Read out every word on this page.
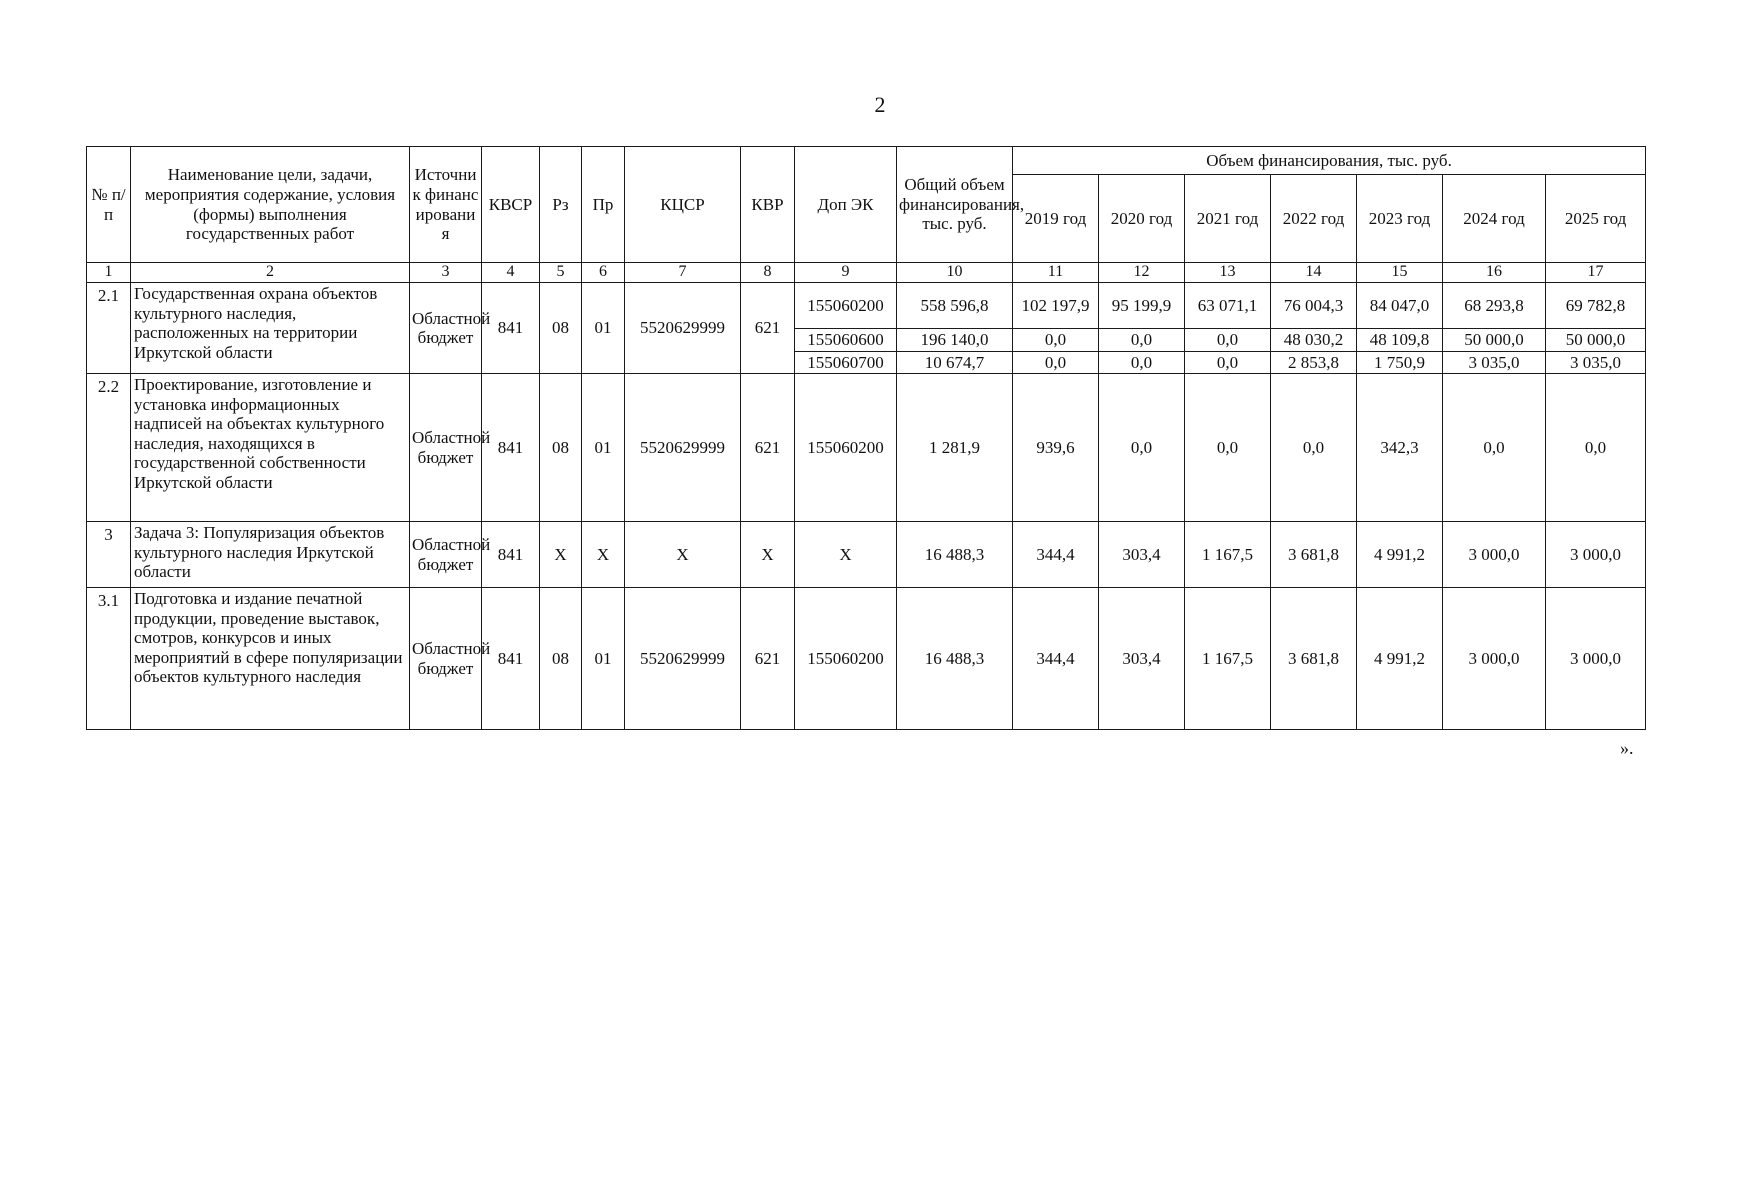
2
№ п/п	Наименование цели, задачи, мероприятия содержание, условия (формы) выполнения государственных работ	Источник финансирования	КВСР	Рз	Пр	КЦСР	КВР	Доп ЭК	Общий объем финансирования, тыс. руб.	Объем финансирования, тыс. руб.						
										2019 год	2020 год	2021 год	2022 год	2023 год	2024 год	2025 год
1	2	3	4	5	6	7	8	9	10	11	12	13	14	15	16	17
2.1	Государственная охрана объектов культурного наследия, расположенных на территории Иркутской области	Областной бюджет	841	08	01	5520629999	621	155060200	558 596,8	102 197,9	95 199,9	63 071,1	76 004,3	84 047,0	68 293,8	69 782,8
								155060600	196 140,0	0,0	0,0	0,0	48 030,2	48 109,8	50 000,0	50 000,0
								155060700	10 674,7	0,0	0,0	0,0	2 853,8	1 750,9	3 035,0	3 035,0
2.2	Проектирование, изготовление и установка информационных надписей на объектах культурного наследия, находящихся в государственной собственности Иркутской области	Областной бюджет	841	08	01	5520629999	621	155060200	1 281,9	939,6	0,0	0,0	0,0	342,3	0,0	0,0
3	Задача 3: Популяризация объектов культурного наследия Иркутской области	Областной бюджет	841	Х	Х	Х	Х	Х	16 488,3	344,4	303,4	1 167,5	3 681,8	4 991,2	3 000,0	3 000,0
3.1	Подготовка и издание печатной продукции, проведение выставок, смотров, конкурсов и иных мероприятий в сфере популяризации объектов культурного наследия	Областной бюджет	841	08	01	5520629999	621	155060200	16 488,3	344,4	303,4	1 167,5	3 681,8	4 991,2	3 000,0	3 000,0
».
